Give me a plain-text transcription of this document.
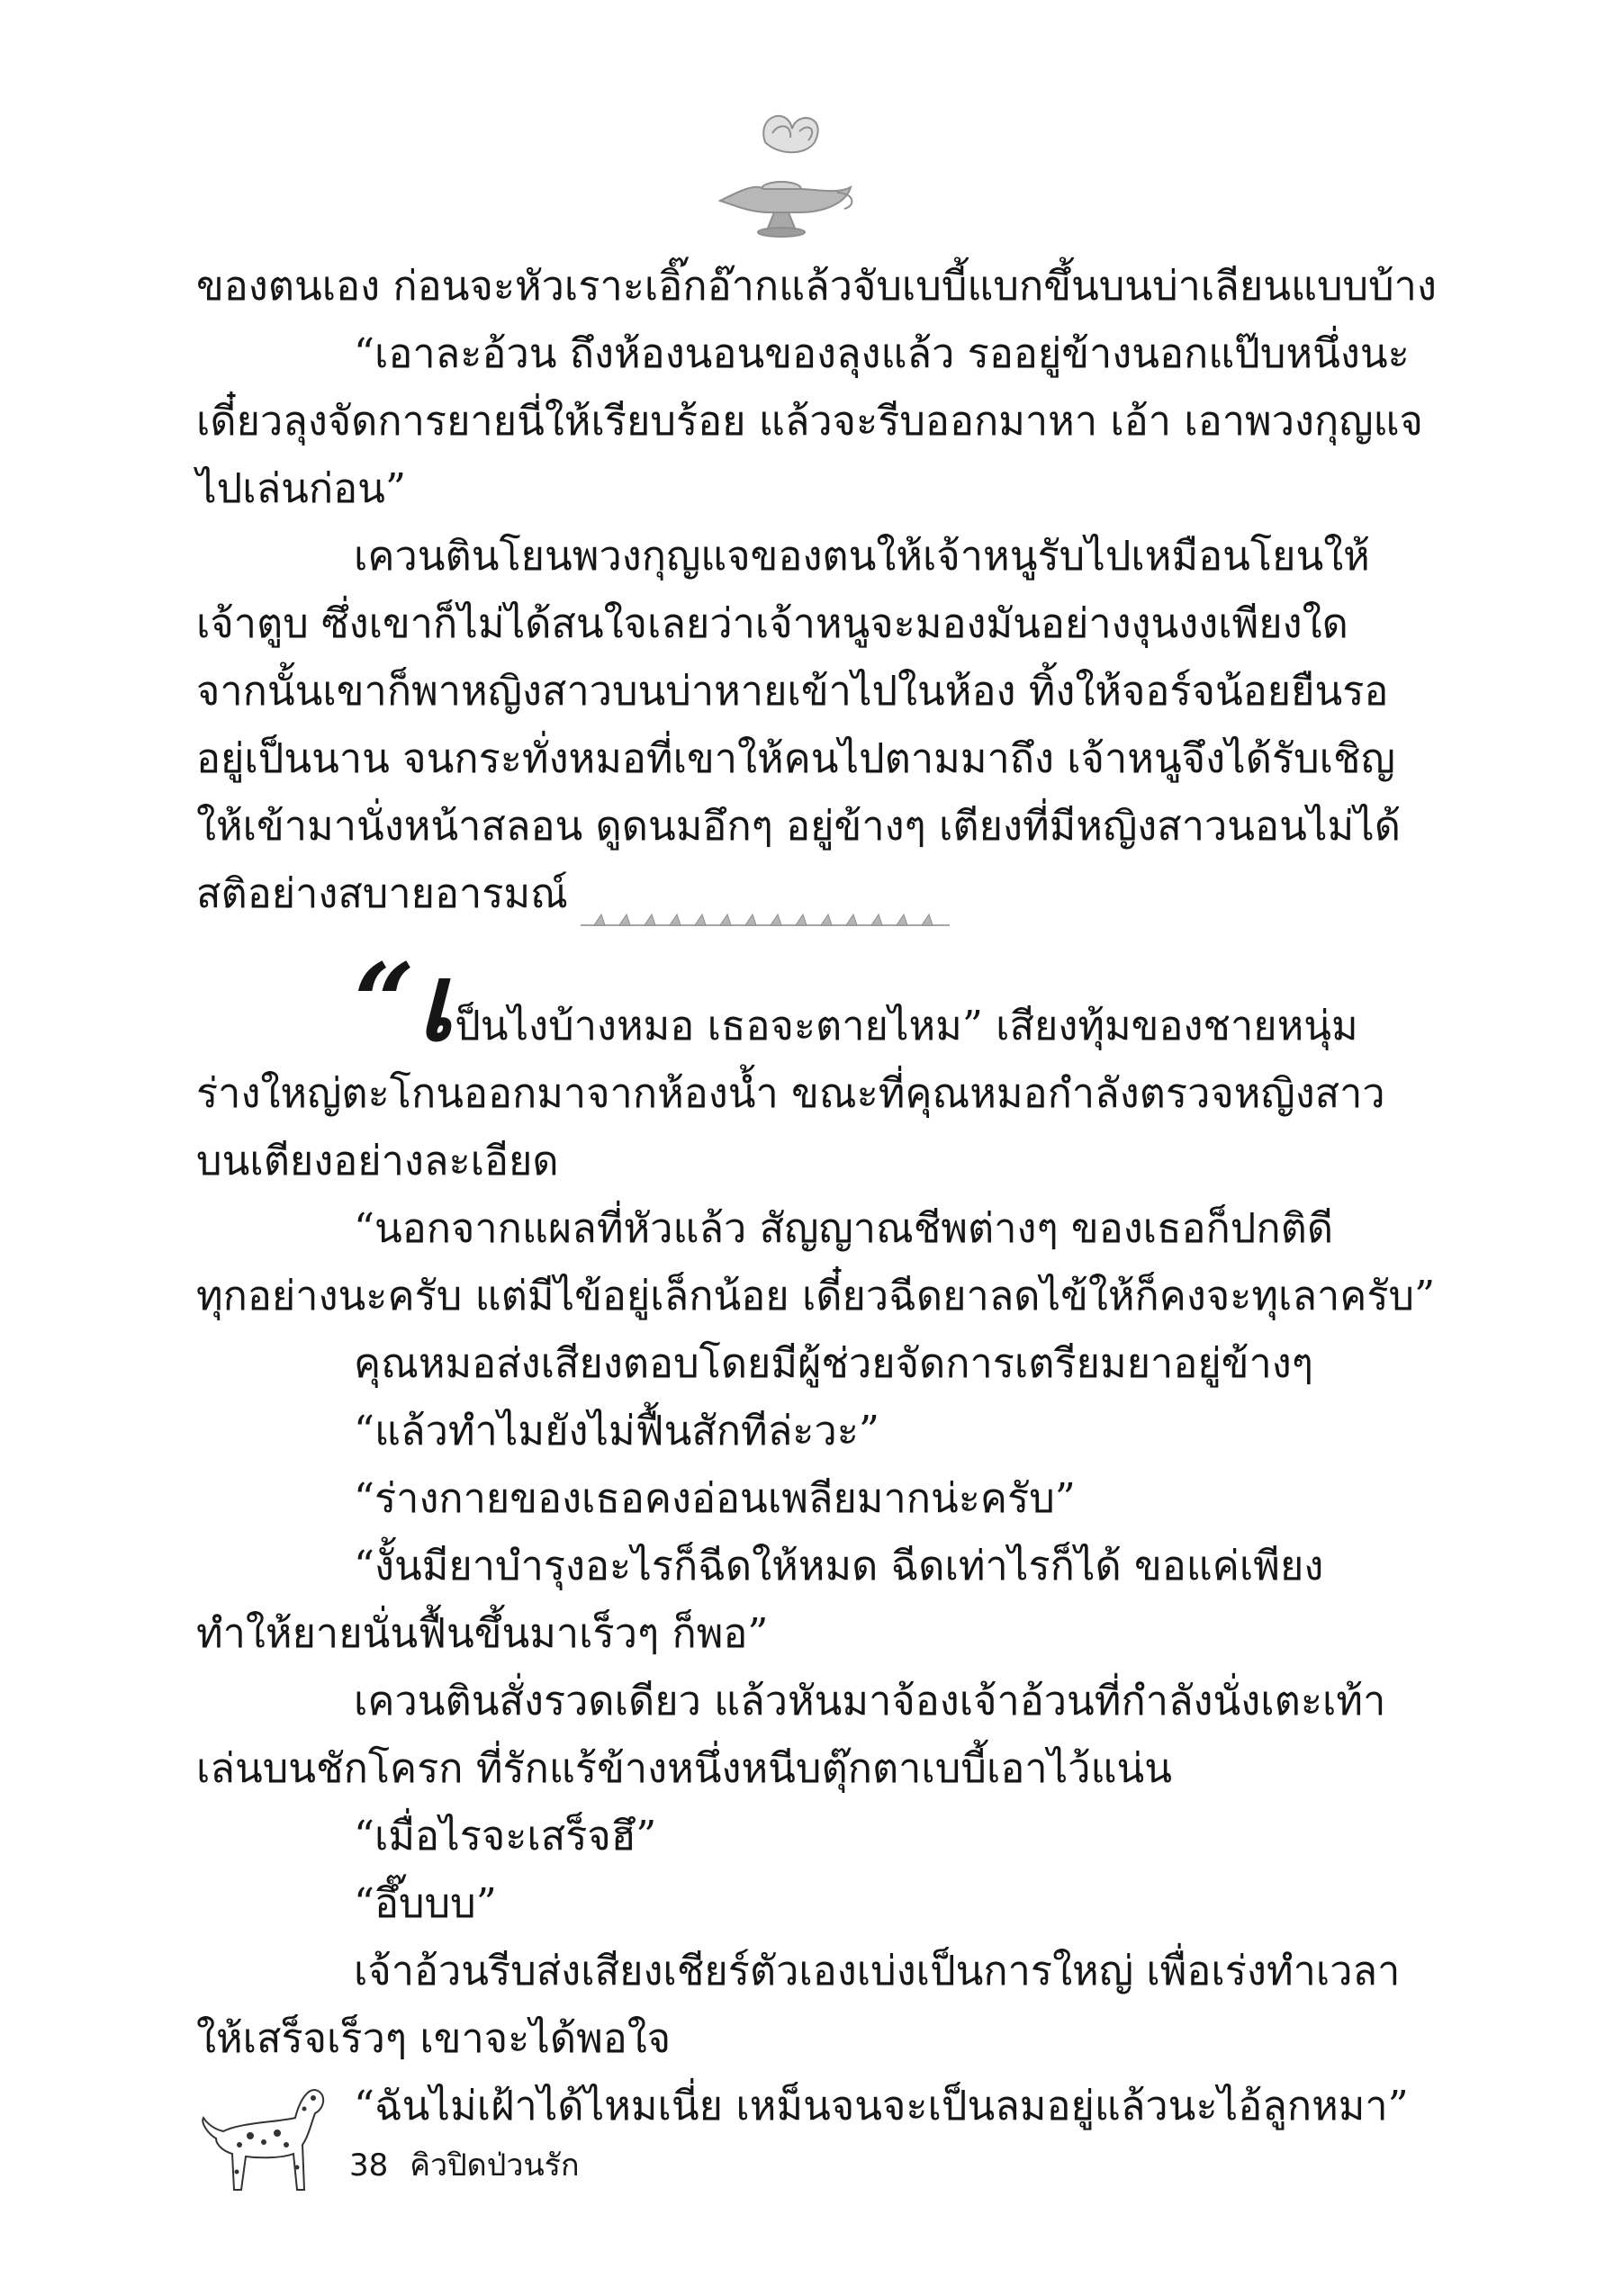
ของตนเอง ก่อนจะหัวเราะเอิ๊กอ๊ากแล้วจับเบบี้แบกขึ้นบนบ่าเลียนแบบบ้าง
“เอาละอ้วน ถึงห้องนอนของลุงแล้ว รออยู่ข้างนอกแป๊บหนึ่งนะ
เดี๋ยวลุงจัดการยายนี่ให้เรียบร้อย แล้วจะรีบออกมาหา เอ้า เอาพวงกุญแจ
ไปเล่นก่อน”
เควนตินโยนพวงกุญแจของตนให้เจ้าหนูรับไปเหมือนโยนให้
เจ้าตูบ ซึ่งเขาก็ไม่ได้สนใจเลยว่าเจ้าหนูจะมองมันอย่างงุนงงเพียงใด
จากนั้นเขาก็พาหญิงสาวบนบ่าหายเข้าไปในห้อง ทิ้งให้จอร์จน้อยยืนรอ
อยู่เป็นนาน จนกระทั่งหมอที่เขาให้คนไปตามมาถึง เจ้าหนูจึงได้รับเชิญ
ให้เข้ามานั่งหน้าสลอน ดูดนมอึกๆ อยู่ข้างๆ เตียงที่มีหญิงสาวนอนไม่ได้
สติอย่างสบายอารมณ์
“เป็นไงบ้างหมอ เธอจะตายไหม” เสียงทุ้มของชายหนุ่ม
ร่างใหญ่ตะโกนออกมาจากห้องน้ำ ขณะที่คุณหมอกำลังตรวจหญิงสาว
บนเตียงอย่างละเอียด
“นอกจากแผลที่หัวแล้ว สัญญาณชีพต่างๆ ของเธอก็ปกติดี
ทุกอย่างนะครับ แต่มีไข้อยู่เล็กน้อย เดี๋ยวฉีดยาลดไข้ให้ก็คงจะทุเลาครับ”
คุณหมอส่งเสียงตอบโดยมีผู้ช่วยจัดการเตรียมยาอยู่ข้างๆ
“แล้วทำไมยังไม่ฟื้นสักทีล่ะวะ”
“ร่างกายของเธอคงอ่อนเพลียมากน่ะครับ”
“งั้นมียาบำรุงอะไรก็ฉีดให้หมด ฉีดเท่าไรก็ได้ ขอแค่เพียง
ทำให้ยายนั่นฟื้นขึ้นมาเร็วๆ ก็พอ”
เควนตินสั่งรวดเดียว แล้วหันมาจ้องเจ้าอ้วนที่กำลังนั่งเตะเท้า
เล่นบนชักโครก ที่รักแร้ข้างหนึ่งหนีบตุ๊กตาเบบี้เอาไว้แน่น
“เมื่อไรจะเสร็จฮึ”
“อึ๊บบบ”
เจ้าอ้วนรีบส่งเสียงเชียร์ตัวเองเบ่งเป็นการใหญ่ เพื่อเร่งทำเวลา
ให้เสร็จเร็วๆ เขาจะได้พอใจ
“ฉันไม่เฝ้าได้ไหมเนี่ย เหม็นจนจะเป็นลมอยู่แล้วนะไอ้ลูกหมา”
38 คิวปิดป่วนรัก
